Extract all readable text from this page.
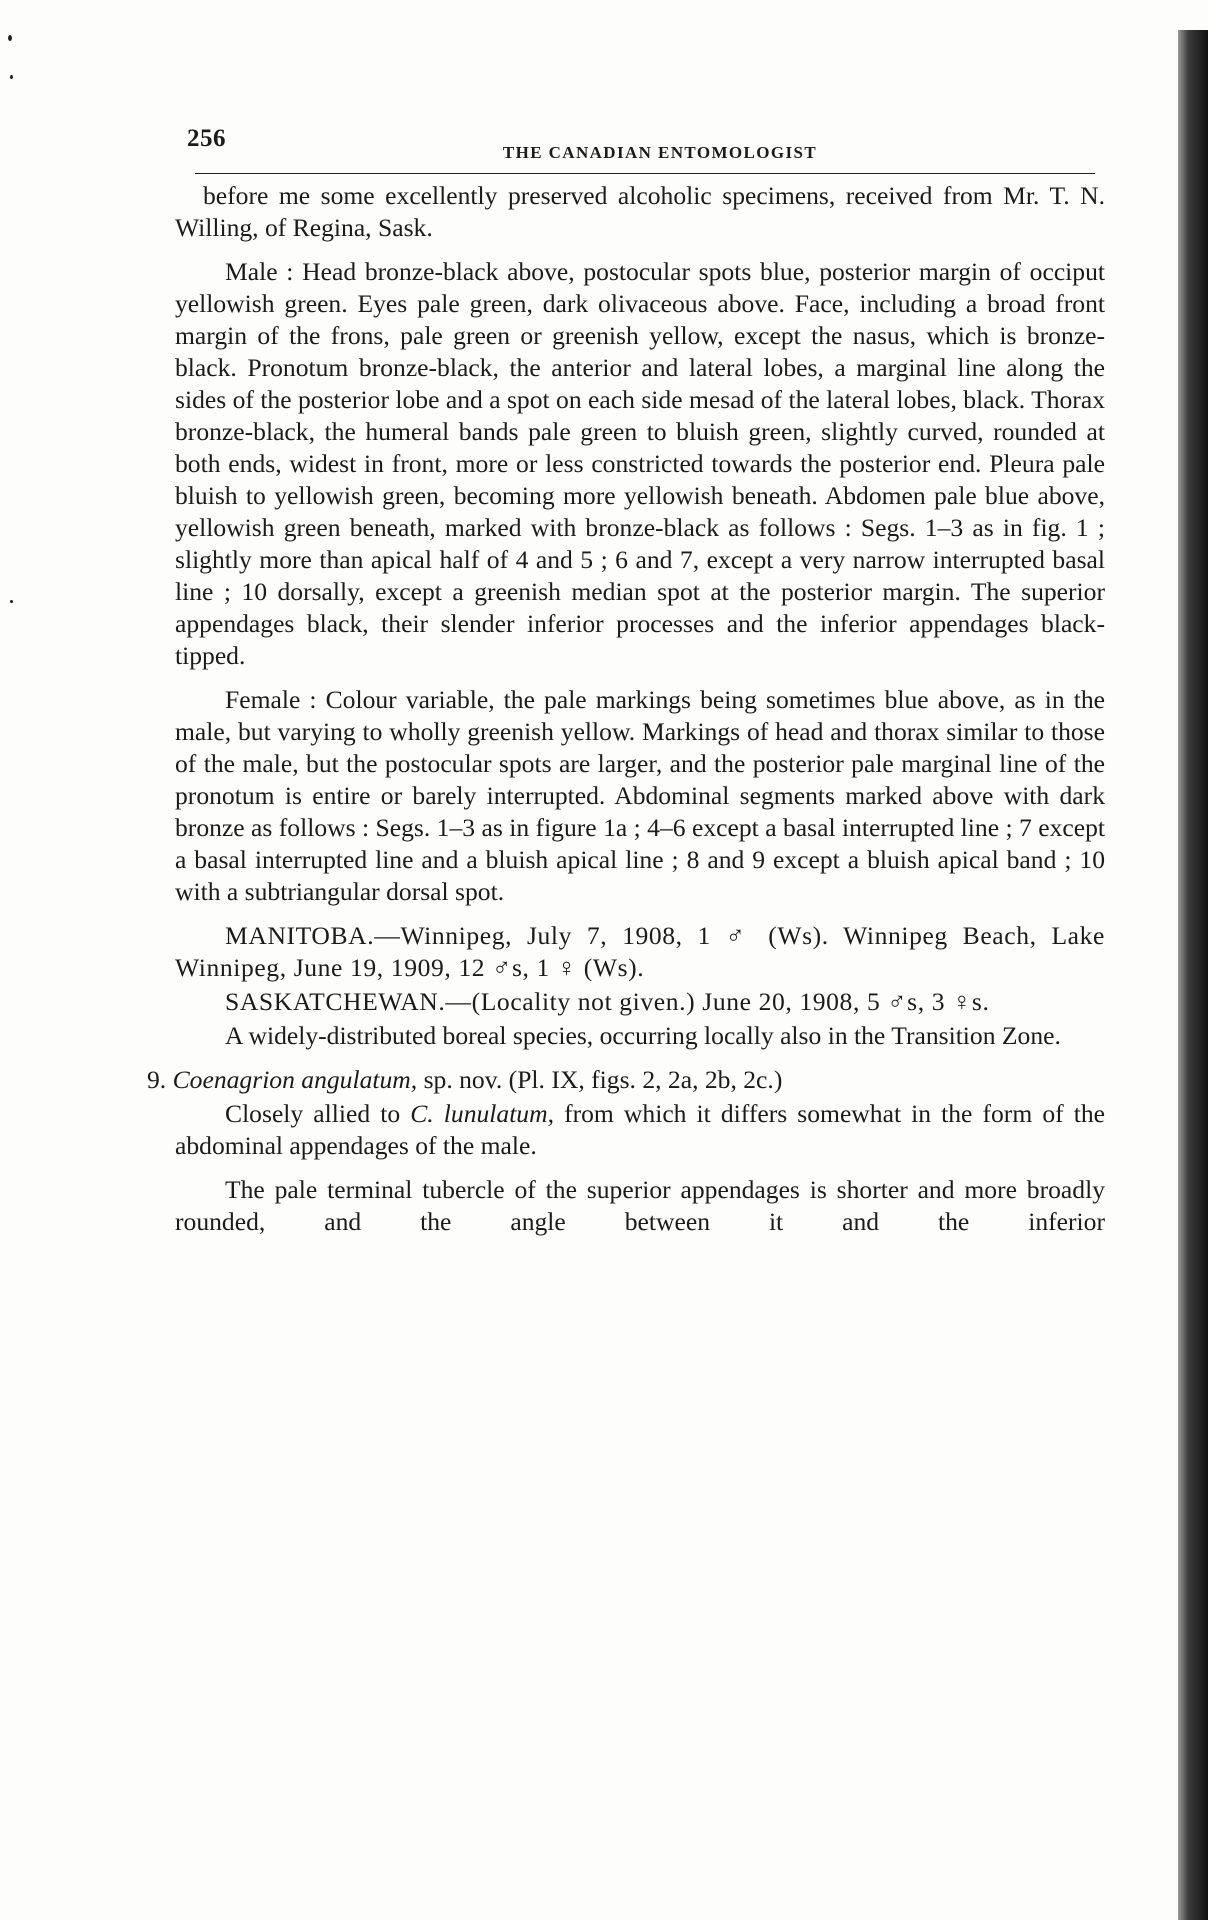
256
THE CANADIAN ENTOMOLOGIST

before me some excellently preserved alcoholic specimens, received from Mr. T. N. Willing, of Regina, Sask.

Male : Head bronze-black above, postocular spots blue, posterior margin of occiput yellowish green. Eyes pale green, dark olivaceous above. Face, including a broad front margin of the frons, pale green or greenish yellow, except the nasus, which is bronze-black. Pronotum bronze-black, the anterior and lateral lobes, a marginal line along the sides of the posterior lobe and a spot on each side mesad of the lateral lobes, black. Thorax bronze-black, the humeral bands pale green to bluish green, slightly curved, rounded at both ends, widest in front, more or less constricted towards the posterior end. Pleura pale bluish to yellowish green, becoming more yellowish beneath. Abdomen pale blue above, yellowish green beneath, marked with bronze-black as follows : Segs. 1–3 as in fig. 1 ; slightly more than apical half of 4 and 5 ; 6 and 7, except a very narrow interrupted basal line ; 10 dorsally, except a greenish median spot at the posterior margin. The superior appendages black, their slender inferior processes and the inferior appendages black-tipped.

Female : Colour variable, the pale markings being sometimes blue above, as in the male, but varying to wholly greenish yellow. Markings of head and thorax similar to those of the male, but the postocular spots are larger, and the posterior pale marginal line of the pronotum is entire or barely interrupted. Abdominal segments marked above with dark bronze as follows : Segs. 1–3 as in figure 1a ; 4–6 except a basal interrupted line ; 7 except a basal interrupted line and a bluish apical line ; 8 and 9 except a bluish apical band ; 10 with a subtriangular dorsal spot.

MANITOBA.—Winnipeg, July 7, 1908, 1 ♂ (Ws). Winnipeg Beach, Lake Winnipeg, June 19, 1909, 12 ♂s, 1 ♀ (Ws).

SASKATCHEWAN.—(Locality not given.) June 20, 1908, 5 ♂s, 3 ♀s.

A widely-distributed boreal species, occurring locally also in the Transition Zone.

9. Coenagrion angulatum, sp. nov. (Pl. IX, figs. 2, 2a, 2b, 2c.)

Closely allied to C. lunulatum, from which it differs somewhat in the form of the abdominal appendages of the male.

The pale terminal tubercle of the superior appendages is shorter and more broadly rounded, and the angle between it and the inferior
